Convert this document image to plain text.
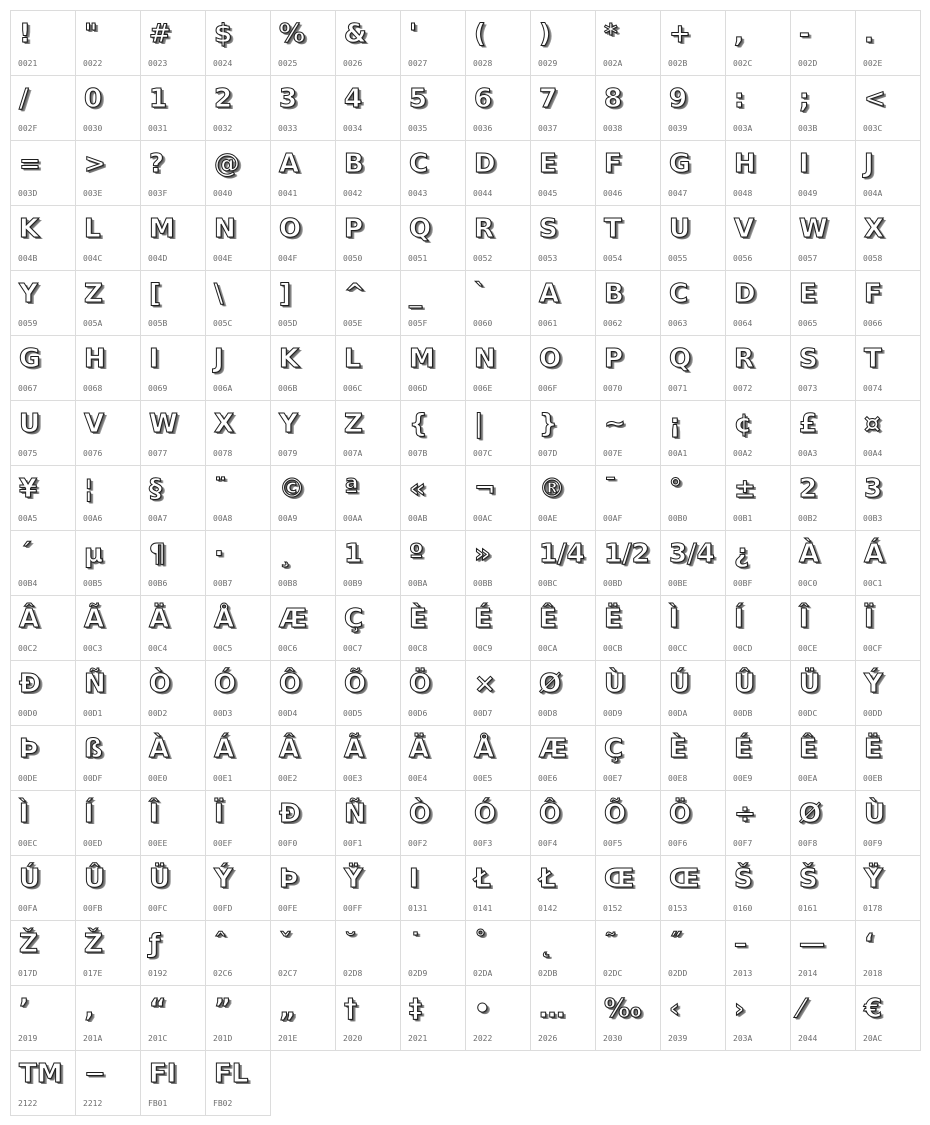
!
0021
"
0022
#
0023
$
0024
%
0025
&
0026
'
0027
(
0028
)
0029
*
002A
+
002B
,
002C
-
002D
.
002E
/
002F
0
0030
1
0031
2
0032
3
0033
4
0034
5
0035
6
0036
7
0037
8
0038
9
0039
:
003A
;
003B
<
003C
=
003D
>
003E
?
003F
@
0040
A
0041
B
0042
C
0043
D
0044
E
0045
F
0046
G
0047
H
0048
I
0049
J
004A
K
004B
L
004C
M
004D
N
004E
O
004F
P
0050
Q
0051
R
0052
S
0053
T
0054
U
0055
V
0056
W
0057
X
0058
Y
0059
Z
005A
[
005B
\
005C
]
005D
^
005E
_
005F
`
0060
A
0061
B
0062
C
0063
D
0064
E
0065
F
0066
G
0067
H
0068
I
0069
J
006A
K
006B
L
006C
M
006D
N
006E
O
006F
P
0070
Q
0071
R
0072
S
0073
T
0074
U
0075
V
0076
W
0077
X
0078
Y
0079
Z
007A
{
007B
|
007C
}
007D
~
007E
¡
00A1
¢
00A2
£
00A3
¤
00A4
¥
00A5
¦
00A6
§
00A7
¨
00A8
©
00A9
ª
00AA
«
00AB
¬
00AC
®
00AE
¯
00AF
°
00B0
±
00B1
2
00B2
3
00B3
´
00B4
µ
00B5
¶
00B6
·
00B7
¸
00B8
1
00B9
º
00BA
»
00BB
1/4
00BC
1/2
00BD
3/4
00BE
¿
00BF
À
00C0
Á
00C1
Â
00C2
Ã
00C3
Ä
00C4
Å
00C5
Æ
00C6
Ç
00C7
È
00C8
É
00C9
Ê
00CA
Ë
00CB
Ì
00CC
Í
00CD
Î
00CE
Ï
00CF
Đ
00D0
Ñ
00D1
Ò
00D2
Ó
00D3
Ô
00D4
Õ
00D5
Ö
00D6
×
00D7
Ø
00D8
Ù
00D9
Ú
00DA
Û
00DB
Ü
00DC
Ý
00DD
Þ
00DE
ß
00DF
À
00E0
Á
00E1
Â
00E2
Ã
00E3
Ä
00E4
Å
00E5
Æ
00E6
Ç
00E7
È
00E8
É
00E9
Ê
00EA
Ë
00EB
Ì
00EC
Í
00ED
Î
00EE
Ï
00EF
Đ
00F0
Ñ
00F1
Ò
00F2
Ó
00F3
Ô
00F4
Õ
00F5
Ö
00F6
÷
00F7
Ø
00F8
Ù
00F9
Ú
00FA
Û
00FB
Ü
00FC
Ý
00FD
Þ
00FE
Ÿ
00FF
I
0131
Ł
0141
Ł
0142
Œ
0152
Œ
0153
Š
0160
Š
0161
Ÿ
0178
Ž
017D
Ž
017E
ƒ
0192
ˆ
02C6
ˇ
02C7
˘
02D8
˙
02D9
˚
02DA
˛
02DB
˜
02DC
˝
02DD
–
2013
—
2014
‘
2018
’
2019
‚
201A
“
201C
”
201D
„
201E
†
2020
‡
2021
•
2022
…
2026
‰
2030
‹
2039
›
203A
⁄
2044
€
20AC
TM
2122
−
2212
FI
FB01
FL
FB02
